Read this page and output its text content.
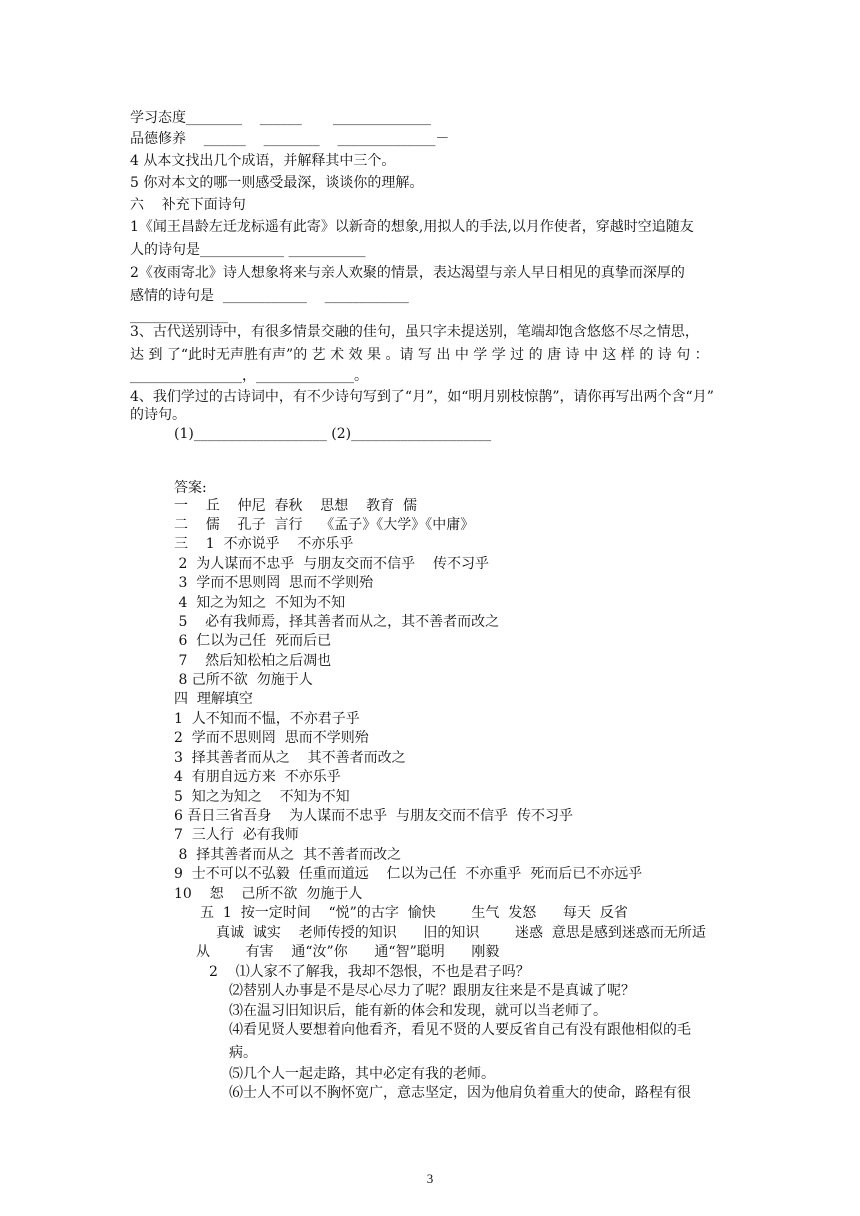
学习态度________    ______       ______________
品德修养    ______    ________    ______________－
4 从本文找出几个成语，并解释其中三个。
5 你对本文的哪一则感受最深，谈谈你的理解。
六    补充下面诗句
1《闻王昌龄左迁龙标遥有此寄》以新奇的想象,用拟人的手法,以月作使者，穿越时空追随友
人的诗句是____________ ___________
2《夜雨寄北》诗人想象将来与亲人欢聚的情景，表达渴望与亲人早日相见的真挚而深厚的
感情的诗句是  ____________    ____________
______________
3、古代送别诗中，有很多情景交融的佳句，虽只字未提送别，笔端却饱含悠悠不尽之情思，
达 到 了“此时无声胜有声”的 艺 术 效 果 。请 写 出 中 学 学 过 的 唐 诗 中 这 样 的 诗 句 ：
________________，______________。
4、我们学过的古诗词中，有不少诗句写到了“月”，如“明月别枝惊鹊”，请你再写出两个含“月”
的诗句。
(1)___________________ (2)____________________
答案:
一    丘    仲尼  春秋    思想    教育  儒
二    儒    孔子  言行    《孟子》《大学》《中庸》
三    1  不亦说乎    不亦乐乎
2  为人谋而不忠乎  与朋友交而不信乎    传不习乎
3  学而不思则罔  思而不学则殆
4  知之为知之  不知为不知
5    必有我师焉，择其善者而从之，其不善者而改之
6  仁以为己任  死而后已
7    然后知松柏之后凋也
8 己所不欲  勿施于人
四  理解填空
1  人不知而不愠，不亦君子乎
2  学而不思则罔  思而不学则殆
3  择其善者而从之    其不善者而改之
4  有朋自远方来  不亦乐乎
5  知之为知之    不知为不知
6 吾日三省吾身    为人谋而不忠乎  与朋友交而不信乎  传不习乎
7  三人行  必有我师
8  择其善者而从之  其不善者而改之
9  士不可以不弘毅  任重而道远    仁以为己任  不亦重乎  死而后已不亦远乎
10    恕    己所不欲  勿施于人
五  1  按一定时间    “悦”的古字  愉快        生气  发怒      每天  反省
真诚  诚实    老师传授的知识      旧的知识        迷惑  意思是感到迷惑而无所适
从        有害    通“汝”你      通“智”聪明      刚毅
2    ⑴人家不了解我，我却不怨恨，不也是君子吗？
⑵替别人办事是不是尽心尽力了呢？跟朋友往来是不是真诚了呢？
⑶在温习旧知识后，能有新的体会和发现，就可以当老师了。
⑷看见贤人要想着向他看齐，看见不贤的人要反省自己有没有跟他相似的毛
病。
⑸几个人一起走路，其中必定有我的老师。
⑹士人不可以不胸怀宽广，意志坚定，因为他肩负着重大的使命，路程有很
3
